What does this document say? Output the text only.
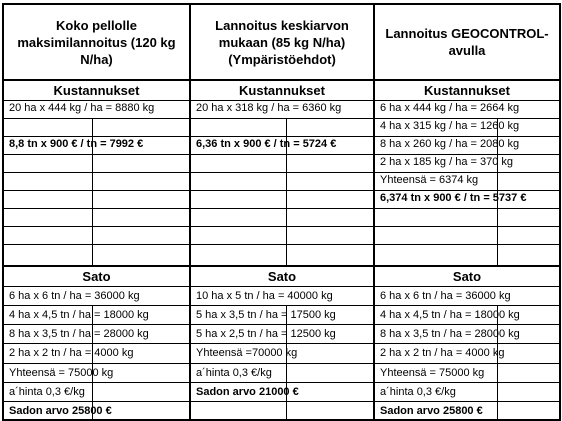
Koko pellolle maksimilannoitus (120 kg N/ha)
Kustannukset
20 ha x 444 kg / ha = 8880 kg
8,8 tn x 900 € / tn = 7992 €
Sato
6 ha x 6 tn / ha = 36000 kg
4 ha x 4,5 tn / ha = 18000 kg
8 ha x 3,5 tn / ha = 28000 kg
2 ha x 2 tn / ha = 4000 kg
Yhteensä = 75000 kg
a´hinta 0,3 €/kg
Sadon arvo 25800 €
Lannoitus keskiarvon mukaan (85 kg N/ha) (Ympäristöehdot)
Kustannukset
20 ha x 318 kg / ha = 6360 kg
6,36 tn x 900 € / tn = 5724 €
Sato
10 ha x 5 tn / ha = 40000 kg
5 ha x 3,5 tn / ha = 17500 kg
5 ha x 2,5 tn / ha = 12500 kg
Yhteensä =70000 kg
a´hinta 0,3 €/kg
Sadon arvo 21000 €
Lannoitus GEOCONTROL-avulla
Kustannukset
6 ha x 444 kg / ha = 2664 kg
4 ha x 315 kg / ha = 1260 kg
8 ha x 260 kg / ha = 2080 kg
2 ha x 185 kg / ha = 370 kg
Yhteensä = 6374 kg
6,374 tn x 900 € / tn = 5737 €
Sato
6 ha x 6 tn / ha = 36000 kg
4 ha x 4,5 tn / ha = 18000 kg
8 ha x 3,5 tn / ha = 28000 kg
2 ha x 2 tn / ha = 4000 kg
Yhteensä = 75000 kg
a´hinta 0,3 €/kg
Sadon arvo 25800 €
